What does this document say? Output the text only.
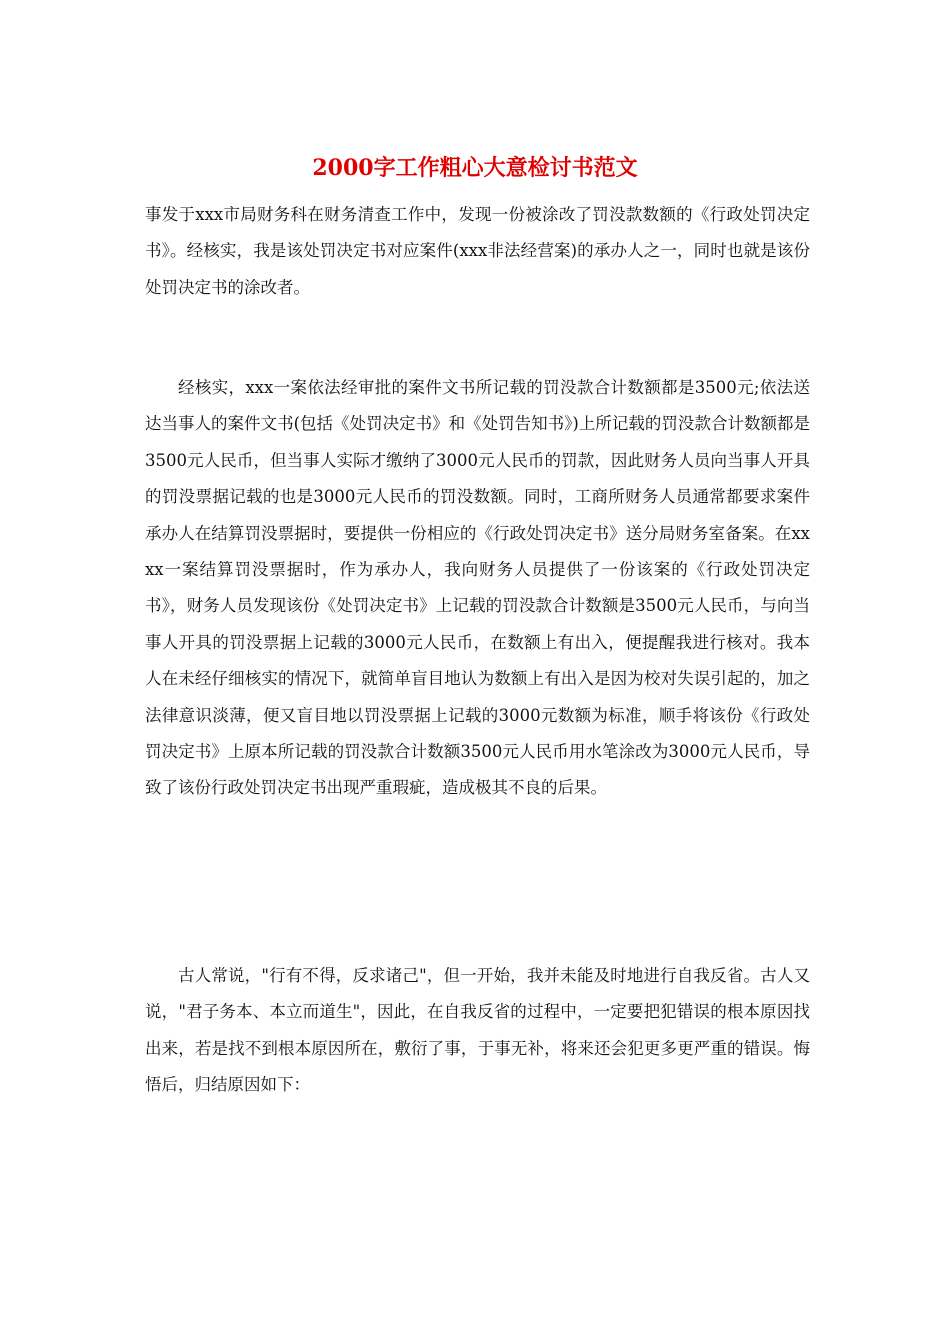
2000字工作粗心大意检讨书范文

事发于xxx市局财务科在财务清查工作中，发现一份被涂改了罚没款数额的《行政处罚决定书》。经核实，我是该处罚决定书对应案件(xxx非法经营案)的承办人之一，同时也就是该份处罚决定书的涂改者。

经核实，xxx一案依法经审批的案件文书所记载的罚没款合计数额都是3500元;依法送达当事人的案件文书(包括《处罚决定书》和《处罚告知书》)上所记载的罚没款合计数额都是3500元人民币，但当事人实际才缴纳了3000元人民币的罚款，因此财务人员向当事人开具的罚没票据记载的也是3000元人民币的罚没数额。同时，工商所财务人员通常都要求案件承办人在结算罚没票据时，要提供一份相应的《行政处罚决定书》送分局财务室备案。在xxxx一案结算罚没票据时，作为承办人，我向财务人员提供了一份该案的《行政处罚决定书》，财务人员发现该份《处罚决定书》上记载的罚没款合计数额是3500元人民币，与向当事人开具的罚没票据上记载的3000元人民币，在数额上有出入，便提醒我进行核对。我本人在未经仔细核实的情况下，就简单盲目地认为数额上有出入是因为校对失误引起的，加之法律意识淡薄，便又盲目地以罚没票据上记载的3000元数额为标准，顺手将该份《行政处罚决定书》上原本所记载的罚没款合计数额3500元人民币用水笔涂改为3000元人民币，导致了该份行政处罚决定书出现严重瑕疵，造成极其不良的后果。

古人常说，"行有不得，反求诸己"，但一开始，我并未能及时地进行自我反省。古人又说，"君子务本、本立而道生"，因此，在自我反省的过程中，一定要把犯错误的根本原因找出来，若是找不到根本原因所在，敷衍了事，于事无补，将来还会犯更多更严重的错误。悔悟后，归结原因如下：
